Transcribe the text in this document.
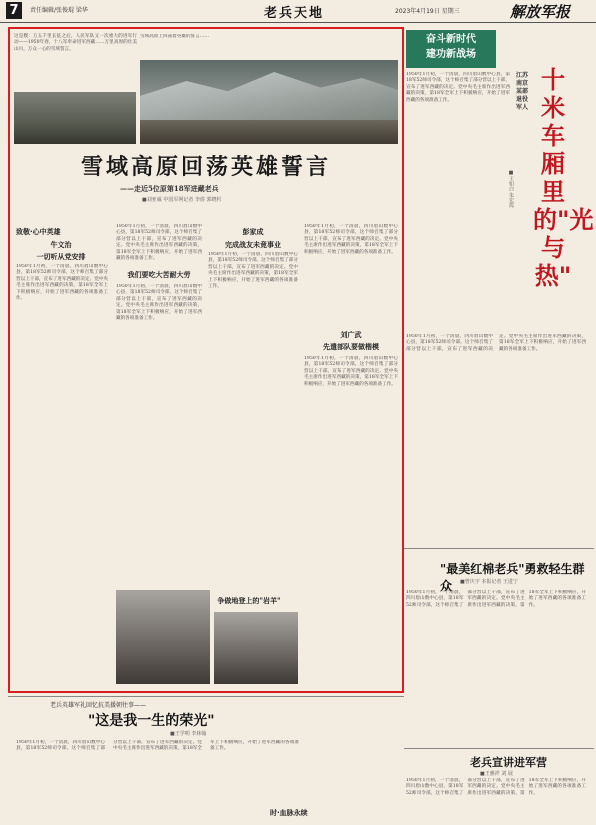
7	责任编辑/张俊琨 梁华	老兵天地	2023年4月19日 星期三	解放军报
这是楔：万五千里长征之后，人民军队又一次重大的进军行动——1950年春，十八军奉命进军西藏……万里高原的壮美山川，万众一心的雪域誓言。
雪域高原上回荡着英雄的誓言……
雪域高原回荡英雄誓言
——走近5位原第18军进藏老兵
■刘亚威 中国军网记者 李倩 郭晓杉
致敬·心中英雄
牛文治
一切听从党安排
1950年1月初，一个清晨，四川眉山数中心县，第18军52师司令部，这个师召集了部分营以上干部，宣布了进军西藏的决定。党中央毛主席作出进军西藏的决策，第18军全军上下积极响应，开始了进军西藏的各项准备工作。
1950年1月初，一个清晨，四川眉山数中心县，第18军52师司令部，这个师召集了部分营以上干部，宣布了进军西藏的决定。党中央毛主席作出进军西藏的决策，第18军全军上下积极响应，开始了进军西藏的各项准备工作。
我们要吃大苦耐大劳
1950年1月初，一个清晨，四川眉山数中心县，第18军52师司令部，这个师召集了部分营以上干部，宣布了进军西藏的决定。党中央毛主席作出进军西藏的决策，第18军全军上下积极响应，开始了进军西藏的各项准备工作。
争做地登上的"岩羊"
彭家成
完成战友未竟事业
1950年1月初，一个清晨，四川眉山数中心县，第18军52师司令部，这个师召集了部分营以上干部，宣布了进军西藏的决定。党中央毛主席作出进军西藏的决策，第18军全军上下积极响应，开始了进军西藏的各项准备工作。
1950年1月初，一个清晨，四川眉山数中心县，第18军52师司令部，这个师召集了部分营以上干部，宣布了进军西藏的决定。党中央毛主席作出进军西藏的决策，第18军全军上下积极响应，开始了进军西藏的各项准备工作。
刘广武
先遣部队要做楷模
1950年1月初，一个清晨，四川眉山数中心县，第18军52师司令部，这个师召集了部分营以上干部，宣布了进军西藏的决定。党中央毛主席作出进军西藏的决策，第18军全军上下积极响应，开始了进军西藏的各项准备工作。
老兵英雄军礼回忆抗美援朝往事——
"这是我一生的荣光"
■王学明 李林翰
1950年1月初，一个清晨，四川眉山数中心县，第18军52师司令部，这个师召集了部分营以上干部，宣布了进军西藏的决定。党中央毛主席作出进军西藏的决策，第18军全军上下积极响应，开始了进军西藏的各项准备工作。
时·血脉永续
奋斗新时代
建功新战场
1950年1月初，一个清晨，四川眉山数中心县，第18军52师司令部，这个师召集了部分营以上干部，宣布了进军西藏的决定。党中央毛主席作出进军西藏的决策，第18军全军上下积极响应，开始了进军西藏的各项准备工作。
江苏南京某部退役军人
十米车厢里的"光与热"
■王如白 朱宏霞
1950年1月初，一个清晨，四川眉山数中心县，第18军52师司令部，这个师召集了部分营以上干部，宣布了进军西藏的决定。党中央毛主席作出进军西藏的决策，第18军全军上下积极响应，开始了进军西藏的各项准备工作。
"最美红棉老兵"勇救轻生群众	■曾庆宇 本报记者 王进宁
1950年1月初，一个清晨，四川眉山数中心县，第18军52师司令部，这个师召集了部分营以上干部，宣布了进军西藏的决定。党中央毛主席作出进军西藏的决策，第18军全军上下积极响应，开始了进军西藏的各项准备工作。
老兵宣讲进军营
■王雅祥 刘 展
1950年1月初，一个清晨，四川眉山数中心县，第18军52师司令部，这个师召集了部分营以上干部，宣布了进军西藏的决定。党中央毛主席作出进军西藏的决策，第18军全军上下积极响应，开始了进军西藏的各项准备工作。
